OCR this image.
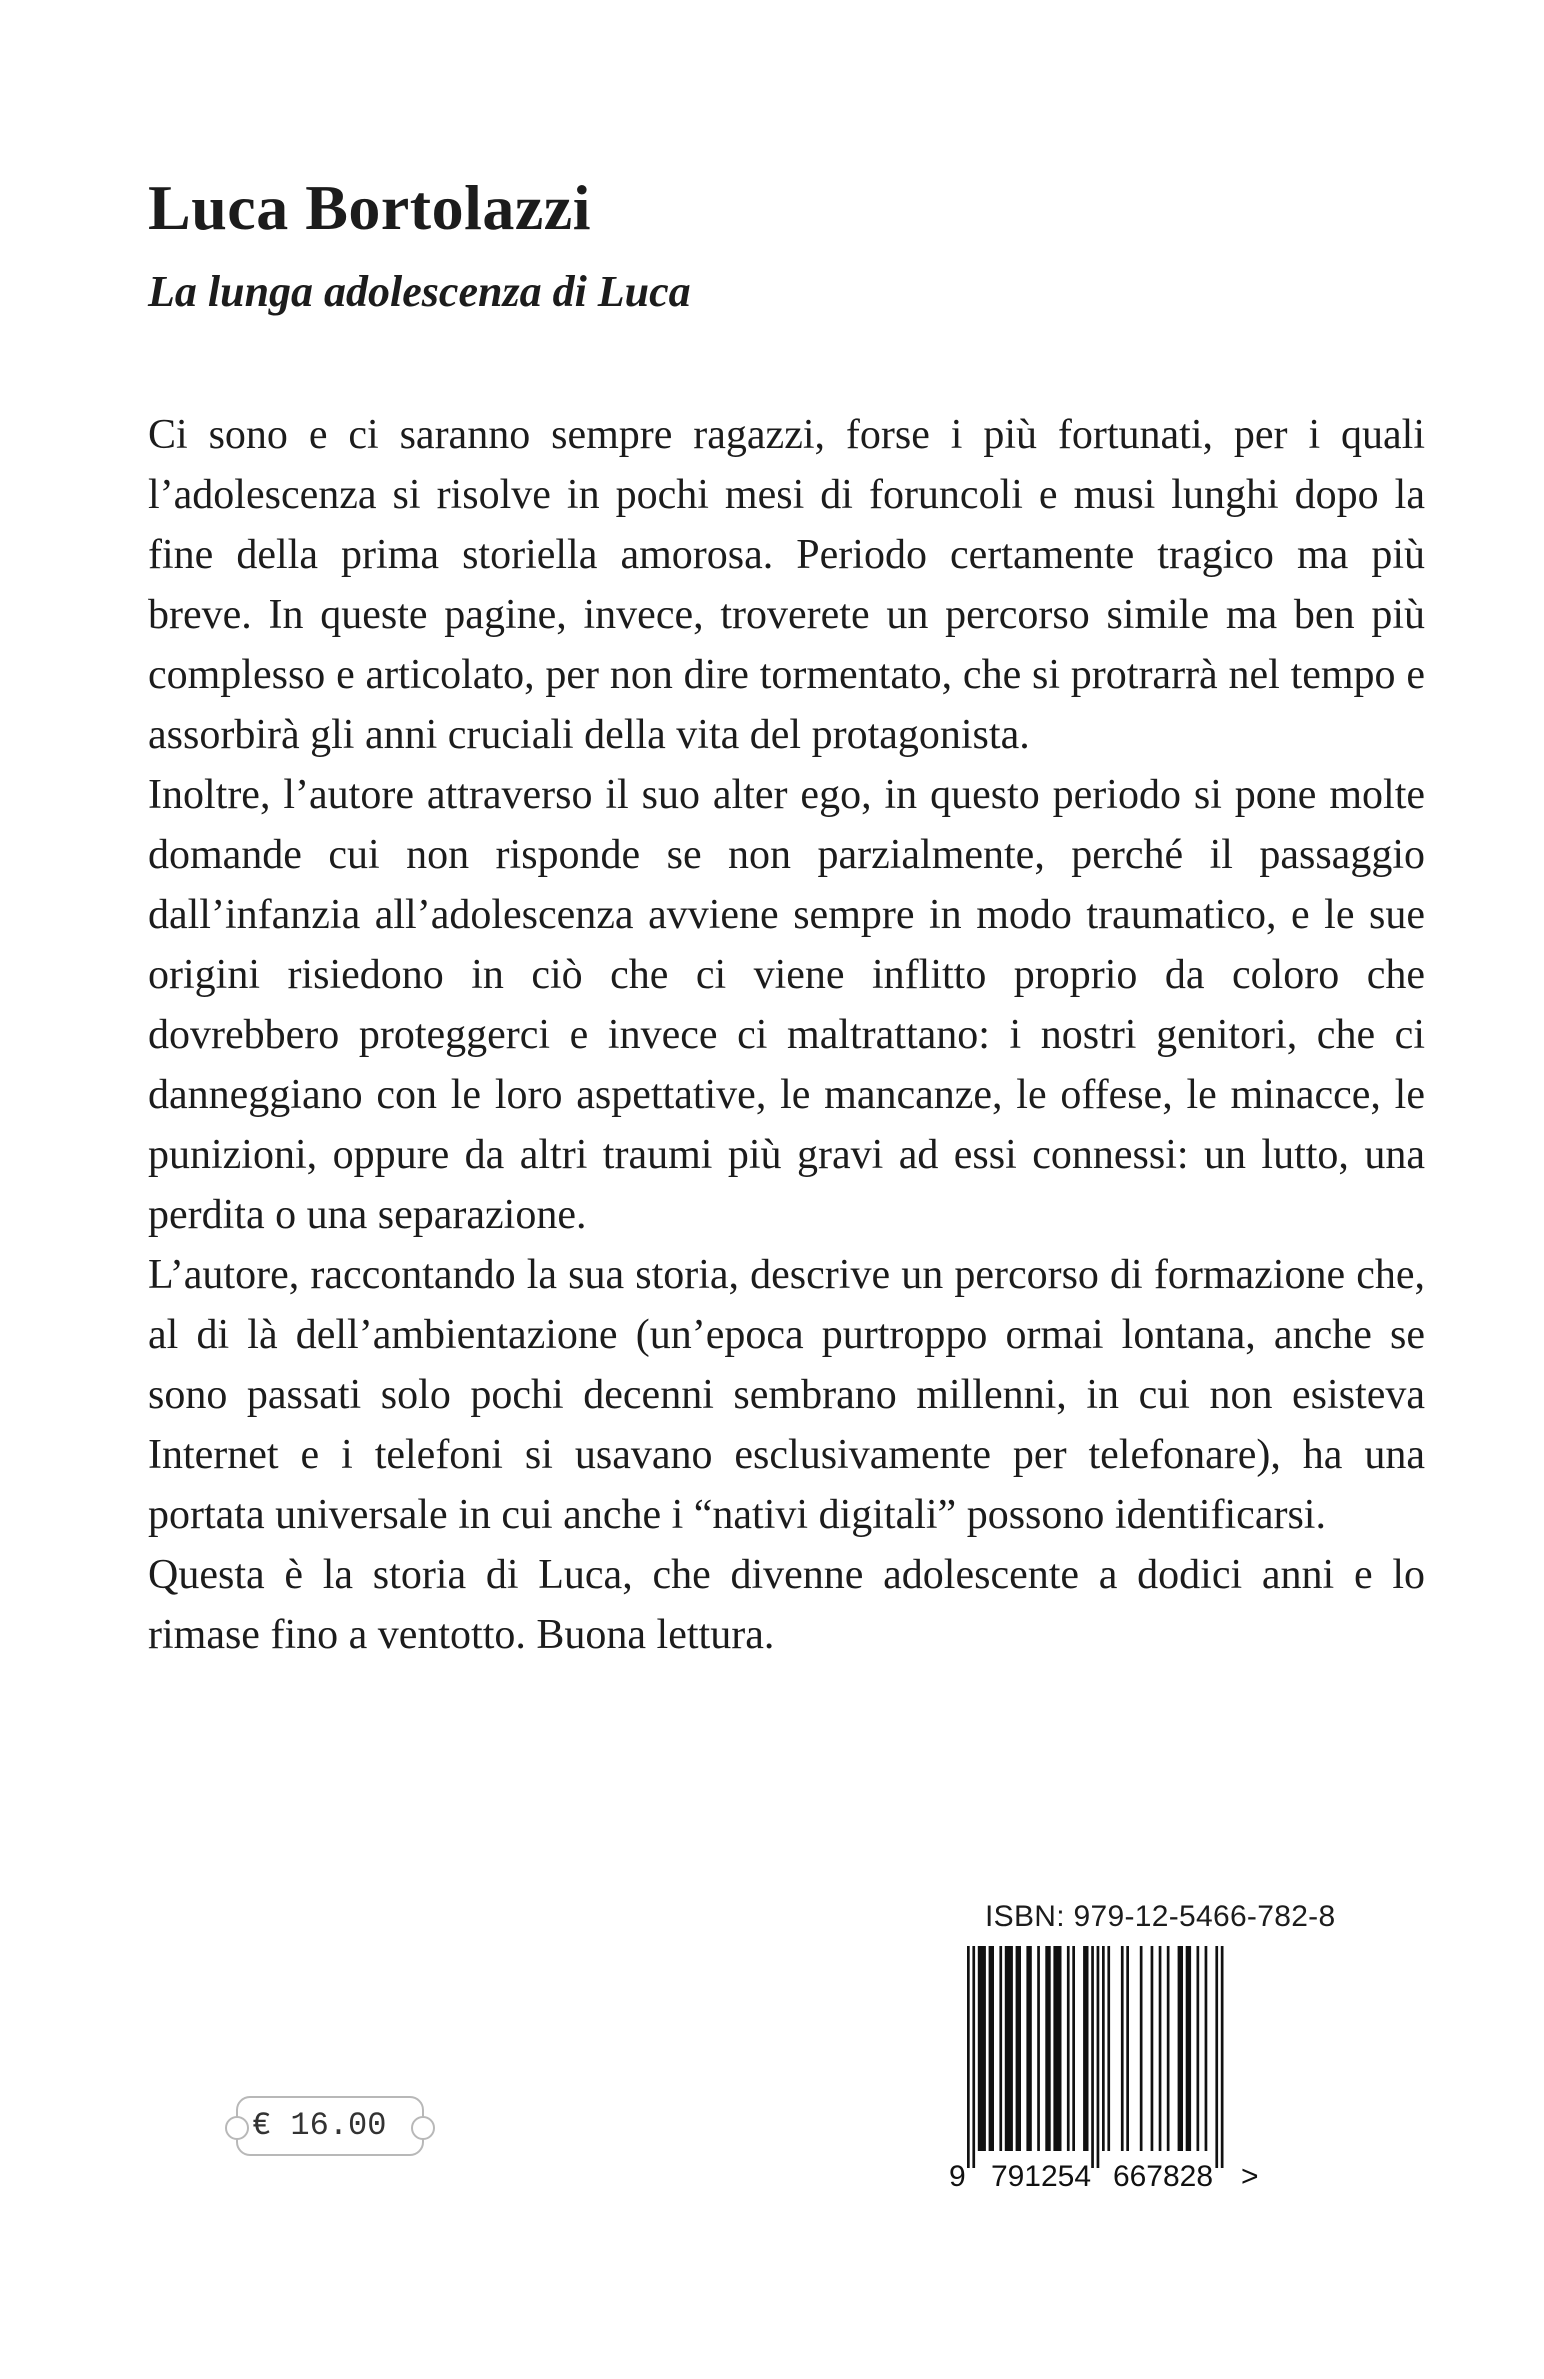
Luca Bortolazzi
La lunga adolescenza di Luca

Ci sono e ci saranno sempre ragazzi, forse i più fortunati, per i quali l’adolescenza si risolve in pochi mesi di foruncoli e musi lunghi dopo la fine della prima storiella amorosa. Periodo certamente tragico ma più breve. In queste pagine, invece, troverete un percorso simile ma ben più complesso e articolato, per non dire tormentato, che si protrarrà nel tempo e assorbirà gli anni cruciali della vita del protagonista.

Inoltre, l’autore attraverso il suo alter ego, in questo periodo si pone molte domande cui non risponde se non parzialmente, perché il passaggio dall’infanzia all’adolescenza avviene sempre in modo traumatico, e le sue origini risiedono in ciò che ci viene inflitto proprio da coloro che dovrebbero proteggerci e invece ci maltrattano: i nostri genitori, che ci danneggiano con le loro aspettative, le mancanze, le offese, le minacce, le punizioni, oppure da altri traumi più gravi ad essi connessi: un lutto, una perdita o una separazione.

L’autore, raccontando la sua storia, descrive un percorso di formazione che, al di là dell’ambientazione (un’epoca purtroppo ormai lontana, anche se sono passati solo pochi decenni sembrano millenni, in cui non esisteva Internet e i telefoni si usavano esclusivamente per telefonare), ha una portata universale in cui anche i “nativi digitali” possono identificarsi.

Questa è la storia di Luca, che divenne adolescente a dodici anni e lo rimase fino a ventotto. Buona lettura.

ISBN: 979-12-5466-782-8
9 791254 667828 >
€ 16.00
